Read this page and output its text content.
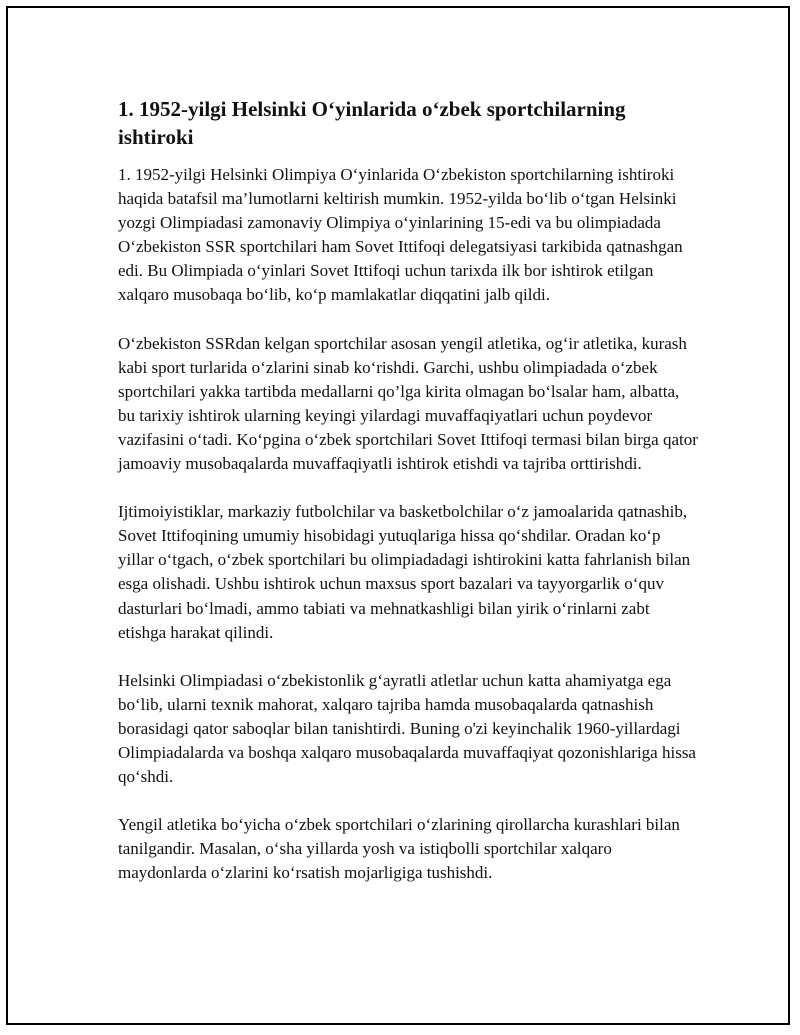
1. 1952-yilgi Helsinki O‘yinlarida o‘zbek sportchilarning ishtiroki

1. 1952-yilgi Helsinki Olimpiya O‘yinlarida O‘zbekiston sportchilarning ishtiroki haqida batafsil ma’lumotlarni keltirish mumkin. 1952-yilda bo‘lib o‘tgan Helsinki yozgi Olimpiadasi zamonaviy Olimpiya o‘yinlarining 15-edi va bu olimpiadada O‘zbekiston SSR sportchilari ham Sovet Ittifoqi delegatsiyasi tarkibida qatnashgan edi. Bu Olimpiada o‘yinlari Sovet Ittifoqi uchun tarixda ilk bor ishtirok etilgan xalqaro musobaqa bo‘lib, ko‘p mamlakatlar diqqatini jalb qildi.

O‘zbekiston SSRdan kelgan sportchilar asosan yengil atletika, og‘ir atletika, kurash kabi sport turlarida o‘zlarini sinab ko‘rishdi. Garchi, ushbu olimpiadada o‘zbek sportchilari yakka tartibda medallarni qo’lga kirita olmagan bo‘lsalar ham, albatta, bu tarixiy ishtirok ularning keyingi yilardagi muvaffaqiyatlari uchun poydevor vazifasini o‘tadi. Ko‘pgina o‘zbek sportchilari Sovet Ittifoqi termasi bilan birga qator jamoaviy musobaqalarda muvaffaqiyatli ishtirok etishdi va tajriba orttirishdi.

Ijtimoiyistiklar, markaziy futbolchilar va basketbolchilar o‘z jamoalarida qatnashib, Sovet Ittifoqining umumiy hisobidagi yutuqlariga hissa qo‘shdilar. Oradan ko‘p yillar o‘tgach, o‘zbek sportchilari bu olimpiadadagi ishtirokini katta fahrlanish bilan esga olishadi. Ushbu ishtirok uchun maxsus sport bazalari va tayyorgarlik o‘quv dasturlari bo‘lmadi, ammo tabiati va mehnatkashligi bilan yirik o‘rinlarni zabt etishga harakat qilindi.

Helsinki Olimpiadasi o‘zbekistonlik g‘ayratli atletlar uchun katta ahamiyatga ega bo‘lib, ularni texnik mahorat, xalqaro tajriba hamda musobaqalarda qatnashish borasidagi qator saboqlar bilan tanishtirdi. Buning o'zi keyinchalik 1960-yillardagi Olimpiadalarda va boshqa xalqaro musobaqalarda muvaffaqiyat qozonishlariga hissa qo‘shdi.

Yengil atletika bo‘yicha o‘zbek sportchilari o‘zlarining qirollarcha kurashlari bilan tanilgandir. Masalan, o‘sha yillarda yosh va istiqbolli sportchilar xalqaro maydonlarda o‘zlarini ko‘rsatish mojarligiga tushishdi.
